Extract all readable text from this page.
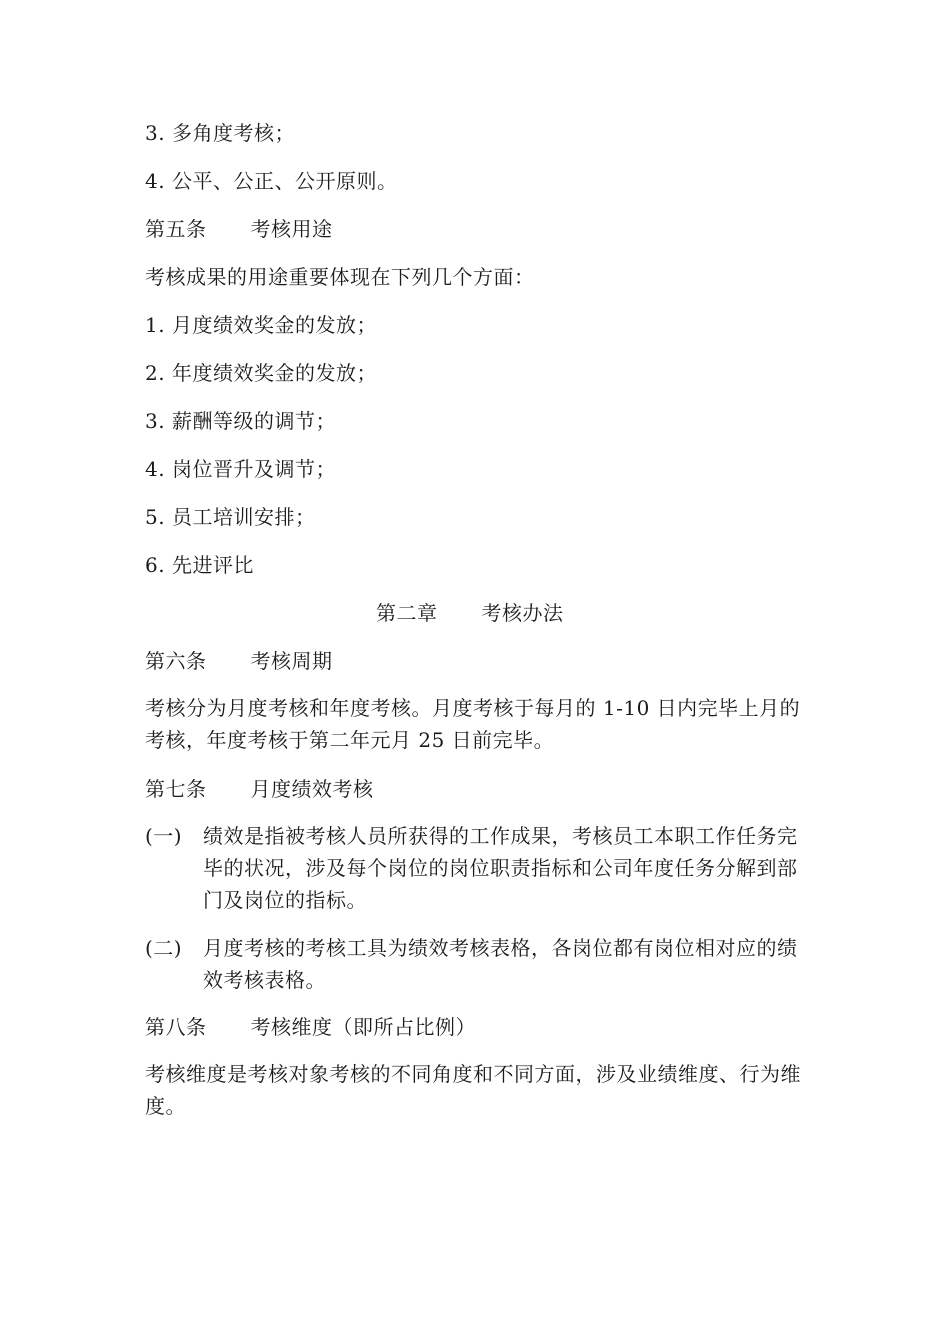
3. 多角度考核；
4. 公平、公正、公开原则。
第五条 考核用途
考核成果的用途重要体现在下列几个方面：
1. 月度绩效奖金的发放；
2. 年度绩效奖金的发放；
3. 薪酬等级的调节；
4. 岗位晋升及调节；
5. 员工培训安排；
6. 先进评比
第二章 考核办法
第六条 考核周期
考核分为月度考核和年度考核。月度考核于每月的 1-10 日内完毕上月的考核，年度考核于第二年元月 25 日前完毕。
第七条 月度绩效考核
(一)	绩效是指被考核人员所获得的工作成果，考核员工本职工作任务完毕的状况，涉及每个岗位的岗位职责指标和公司年度任务分解到部门及岗位的指标。
(二)	月度考核的考核工具为绩效考核表格，各岗位都有岗位相对应的绩效考核表格。
第八条 考核维度（即所占比例）
考核维度是考核对象考核的不同角度和不同方面，涉及业绩维度、行为维度。
